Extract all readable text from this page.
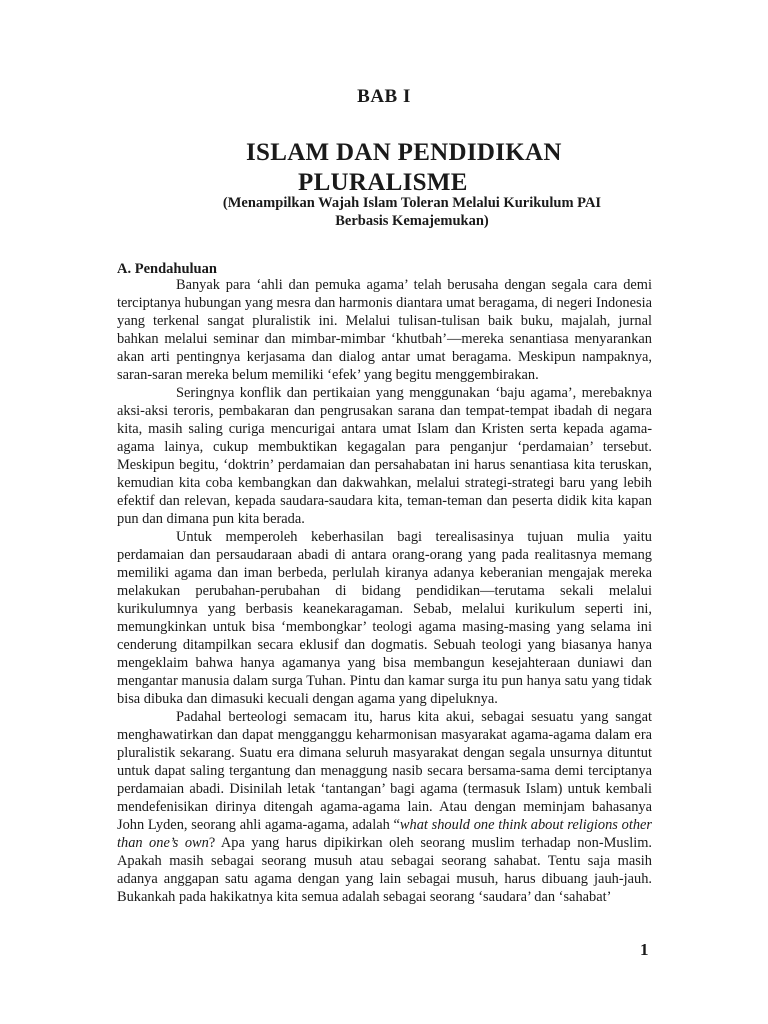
BAB I
ISLAM DAN PENDIDIKAN
PLURALISME
(Menampilkan Wajah Islam Toleran Melalui Kurikulum PAI
Berbasis Kemajemukan)
A. Pendahuluan

Banyak para ‘ahli dan pemuka agama’ telah berusaha dengan segala cara demi terciptanya hubungan yang mesra dan harmonis diantara umat beragama, di negeri Indonesia yang terkenal sangat pluralistik ini. Melalui tulisan-tulisan baik buku, majalah, jurnal bahkan melalui seminar dan mimbar-mimbar ‘khutbah’—mereka senantiasa menyarankan akan arti pentingnya kerjasama dan dialog antar umat beragama. Meskipun nampaknya, saran-saran mereka belum memiliki ‘efek’ yang begitu menggembirakan.

Seringnya konflik dan pertikaian yang menggunakan ‘baju agama’, merebaknya aksi-aksi teroris, pembakaran dan pengrusakan sarana dan tempat-tempat ibadah di negara kita, masih saling curiga mencurigai antara umat Islam dan Kristen serta kepada agama-agama lainya, cukup membuktikan kegagalan para penganjur ‘perdamaian’ tersebut. Meskipun begitu, ‘doktrin’ perdamaian dan persahabatan ini harus senantiasa kita teruskan, kemudian kita coba kembangkan dan dakwahkan, melalui strategi-strategi baru yang lebih efektif dan relevan, kepada saudara-saudara kita, teman-teman dan peserta didik kita kapan pun dan dimana pun kita berada.

Untuk memperoleh keberhasilan bagi terealisasinya tujuan mulia yaitu perdamaian dan persaudaraan abadi di antara orang-orang yang pada realitasnya memang memiliki agama dan iman berbeda, perlulah kiranya adanya keberanian mengajak mereka melakukan perubahan-perubahan di bidang pendidikan—terutama sekali melalui kurikulumnya yang berbasis keanekaragaman. Sebab, melalui kurikulum seperti ini, memungkinkan untuk bisa ‘membongkar’ teologi agama masing-masing yang selama ini cenderung ditampilkan secara eklusif dan dogmatis. Sebuah teologi yang biasanya hanya mengeklaim bahwa hanya agamanya yang bisa membangun kesejahteraan duniawi dan mengantar manusia dalam surga Tuhan. Pintu dan kamar surga itu pun hanya satu yang tidak bisa dibuka dan dimasuki kecuali dengan agama yang dipeluknya.

Padahal berteologi semacam itu, harus kita akui, sebagai sesuatu yang sangat menghawatirkan dan dapat mengganggu keharmonisan masyarakat agama-agama dalam era pluralistik sekarang. Suatu era dimana seluruh masyarakat dengan segala unsurnya dituntut untuk dapat saling tergantung dan menaggung nasib secara bersama-sama demi terciptanya perdamaian abadi. Disinilah letak ‘tantangan’ bagi agama (termasuk Islam) untuk kembali mendefenisikan dirinya ditengah agama-agama lain. Atau dengan meminjam bahasanya John Lyden, seorang ahli agama-agama, adalah “what should one think about religions other than one’s own? Apa yang harus dipikirkan oleh seorang muslim terhadap non-Muslim. Apakah masih sebagai seorang musuh atau sebagai seorang sahabat. Tentu saja masih adanya anggapan satu agama dengan yang lain sebagai musuh, harus dibuang jauh-jauh. Bukankah pada hakikatnya kita semua adalah sebagai seorang ‘saudara’ dan ‘sahabat’

1
